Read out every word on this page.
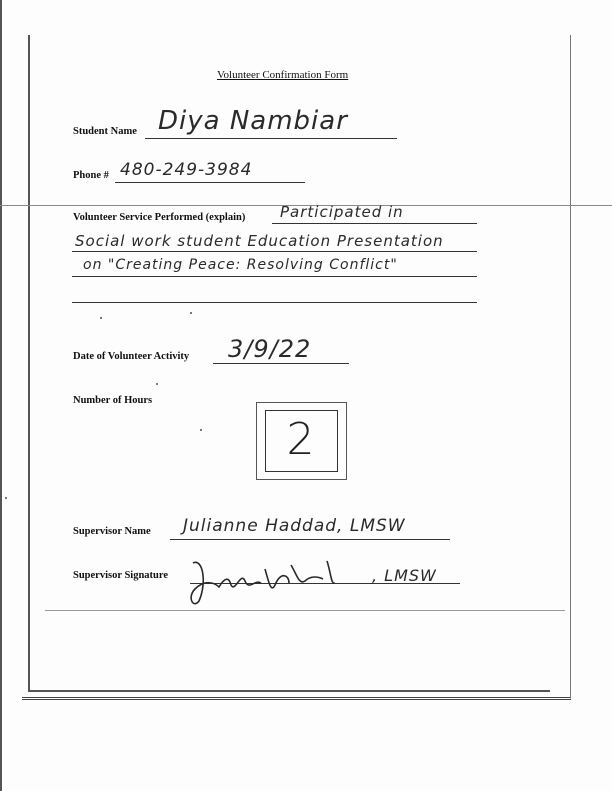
Volunteer Confirmation Form
Student Name Diya Nambiar
Phone # 480-249-3984
Volunteer Service Performed (explain) Participated in
Social work student Education Presentation
on "Creating Peace: Resolving Conflict"
Date of Volunteer Activity 3/9/22
Number of Hours
2
Supervisor Name Julianne Haddad, LMSW
Supervisor Signature	, LMSW
